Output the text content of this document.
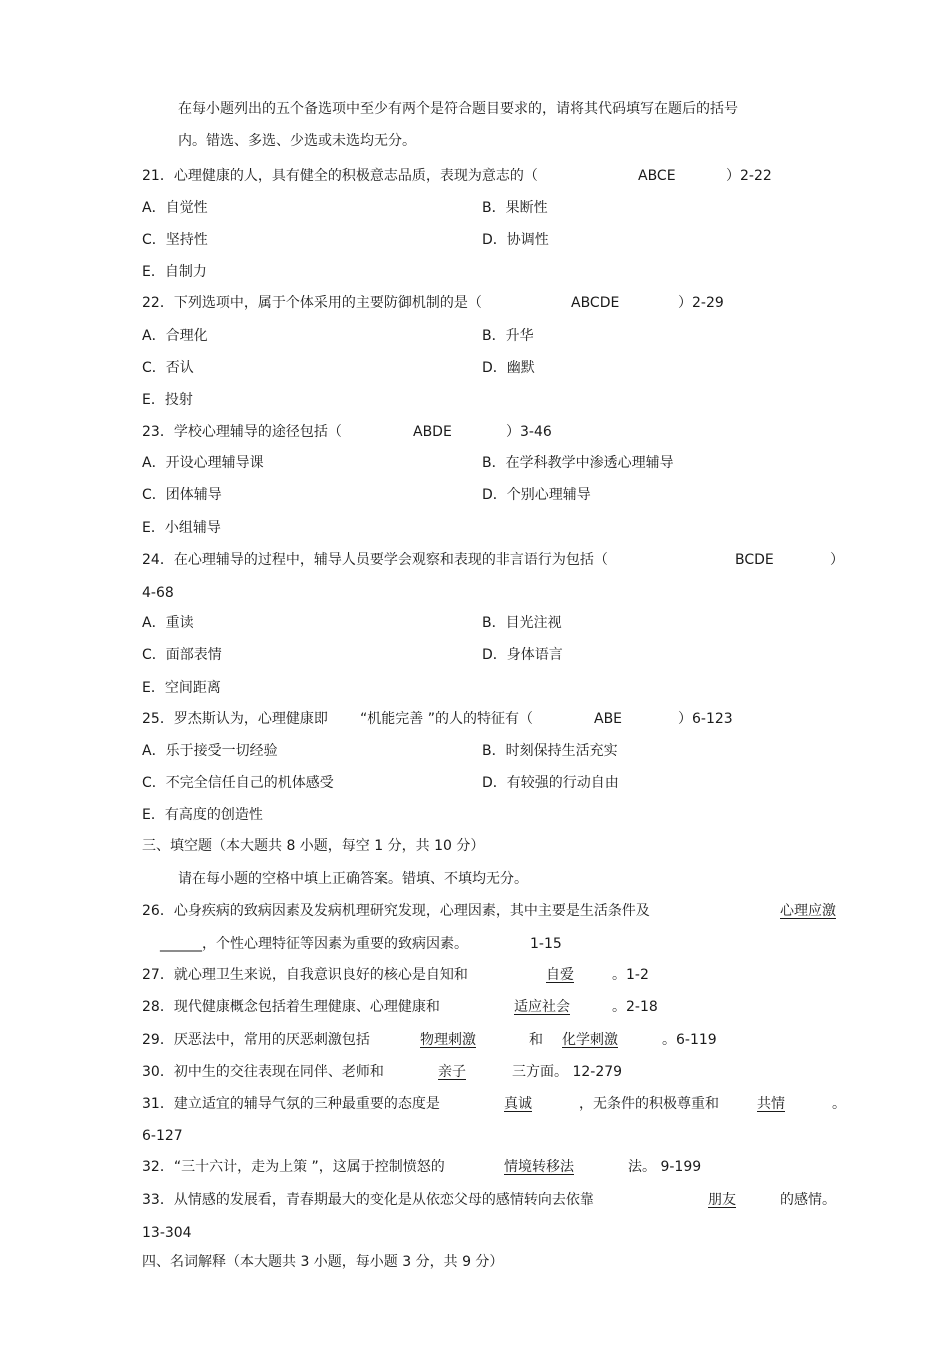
在每小题列出的五个备选项中至少有两个是符合题目要求的，请将其代码填写在题后的括号
内。错选、多选、少选或未选均无分。
21．心理健康的人，具有健全的积极意志品质，表现为意志的（	ABCE	）2-22
A．自觉性	B．果断性
C．坚持性	D．协调性
E．自制力
22．下列选项中，属于个体采用的主要防御机制的是（	ABCDE	）2-29
A．合理化	B．升华
C．否认	D．幽默
E．投射
23．学校心理辅导的途径包括（	ABDE	）3-46
A．开设心理辅导课	B．在学科教学中渗透心理辅导
C．团体辅导	D．个别心理辅导
E．小组辅导
24．在心理辅导的过程中，辅导人员要学会观察和表现的非言语行为包括（	BCDE	）
4-68
A．重读	B．目光注视
C．面部表情	D．身体语言
E．空间距离
25．罗杰斯认为，心理健康即 “机能完善 ”的人的特征有（	ABE	）6-123
A．乐于接受一切经验	B．时刻保持生活充实
C．不完全信任自己的机体感受	D．有较强的行动自由
E．有高度的创造性
三、填空题（本大题共 8 小题，每空 1 分，共 10 分）
请在每小题的空格中填上正确答案。错填、不填均无分。
26．心身疾病的致病因素及发病机理研究发现，心理因素，其中主要是生活条件及	心理应激
______，个性心理特征等因素为重要的致病因素。	1-15
27．就心理卫生来说，自我意识良好的核心是自知和	自爱	。1-2
28．现代健康概念包括着生理健康、心理健康和	适应社会	。2-18
29．厌恶法中，常用的厌恶刺激包括	物理刺激	和	化学刺激	。6-119
30．初中生的交往表现在同伴、老师和	亲子	三方面。 12-279
31．建立适宜的辅导气氛的三种最重要的态度是	真诚	，无条件的积极尊重和	共情	。
6-127
32．“三十六计，走为上策 ”，这属于控制愤怒的	情境转移法	法。 9-199
33．从情感的发展看，青春期最大的变化是从依恋父母的感情转向去依靠	朋友	的感情。
13-304
四、名词解释（本大题共 3 小题，每小题 3 分，共 9 分）
